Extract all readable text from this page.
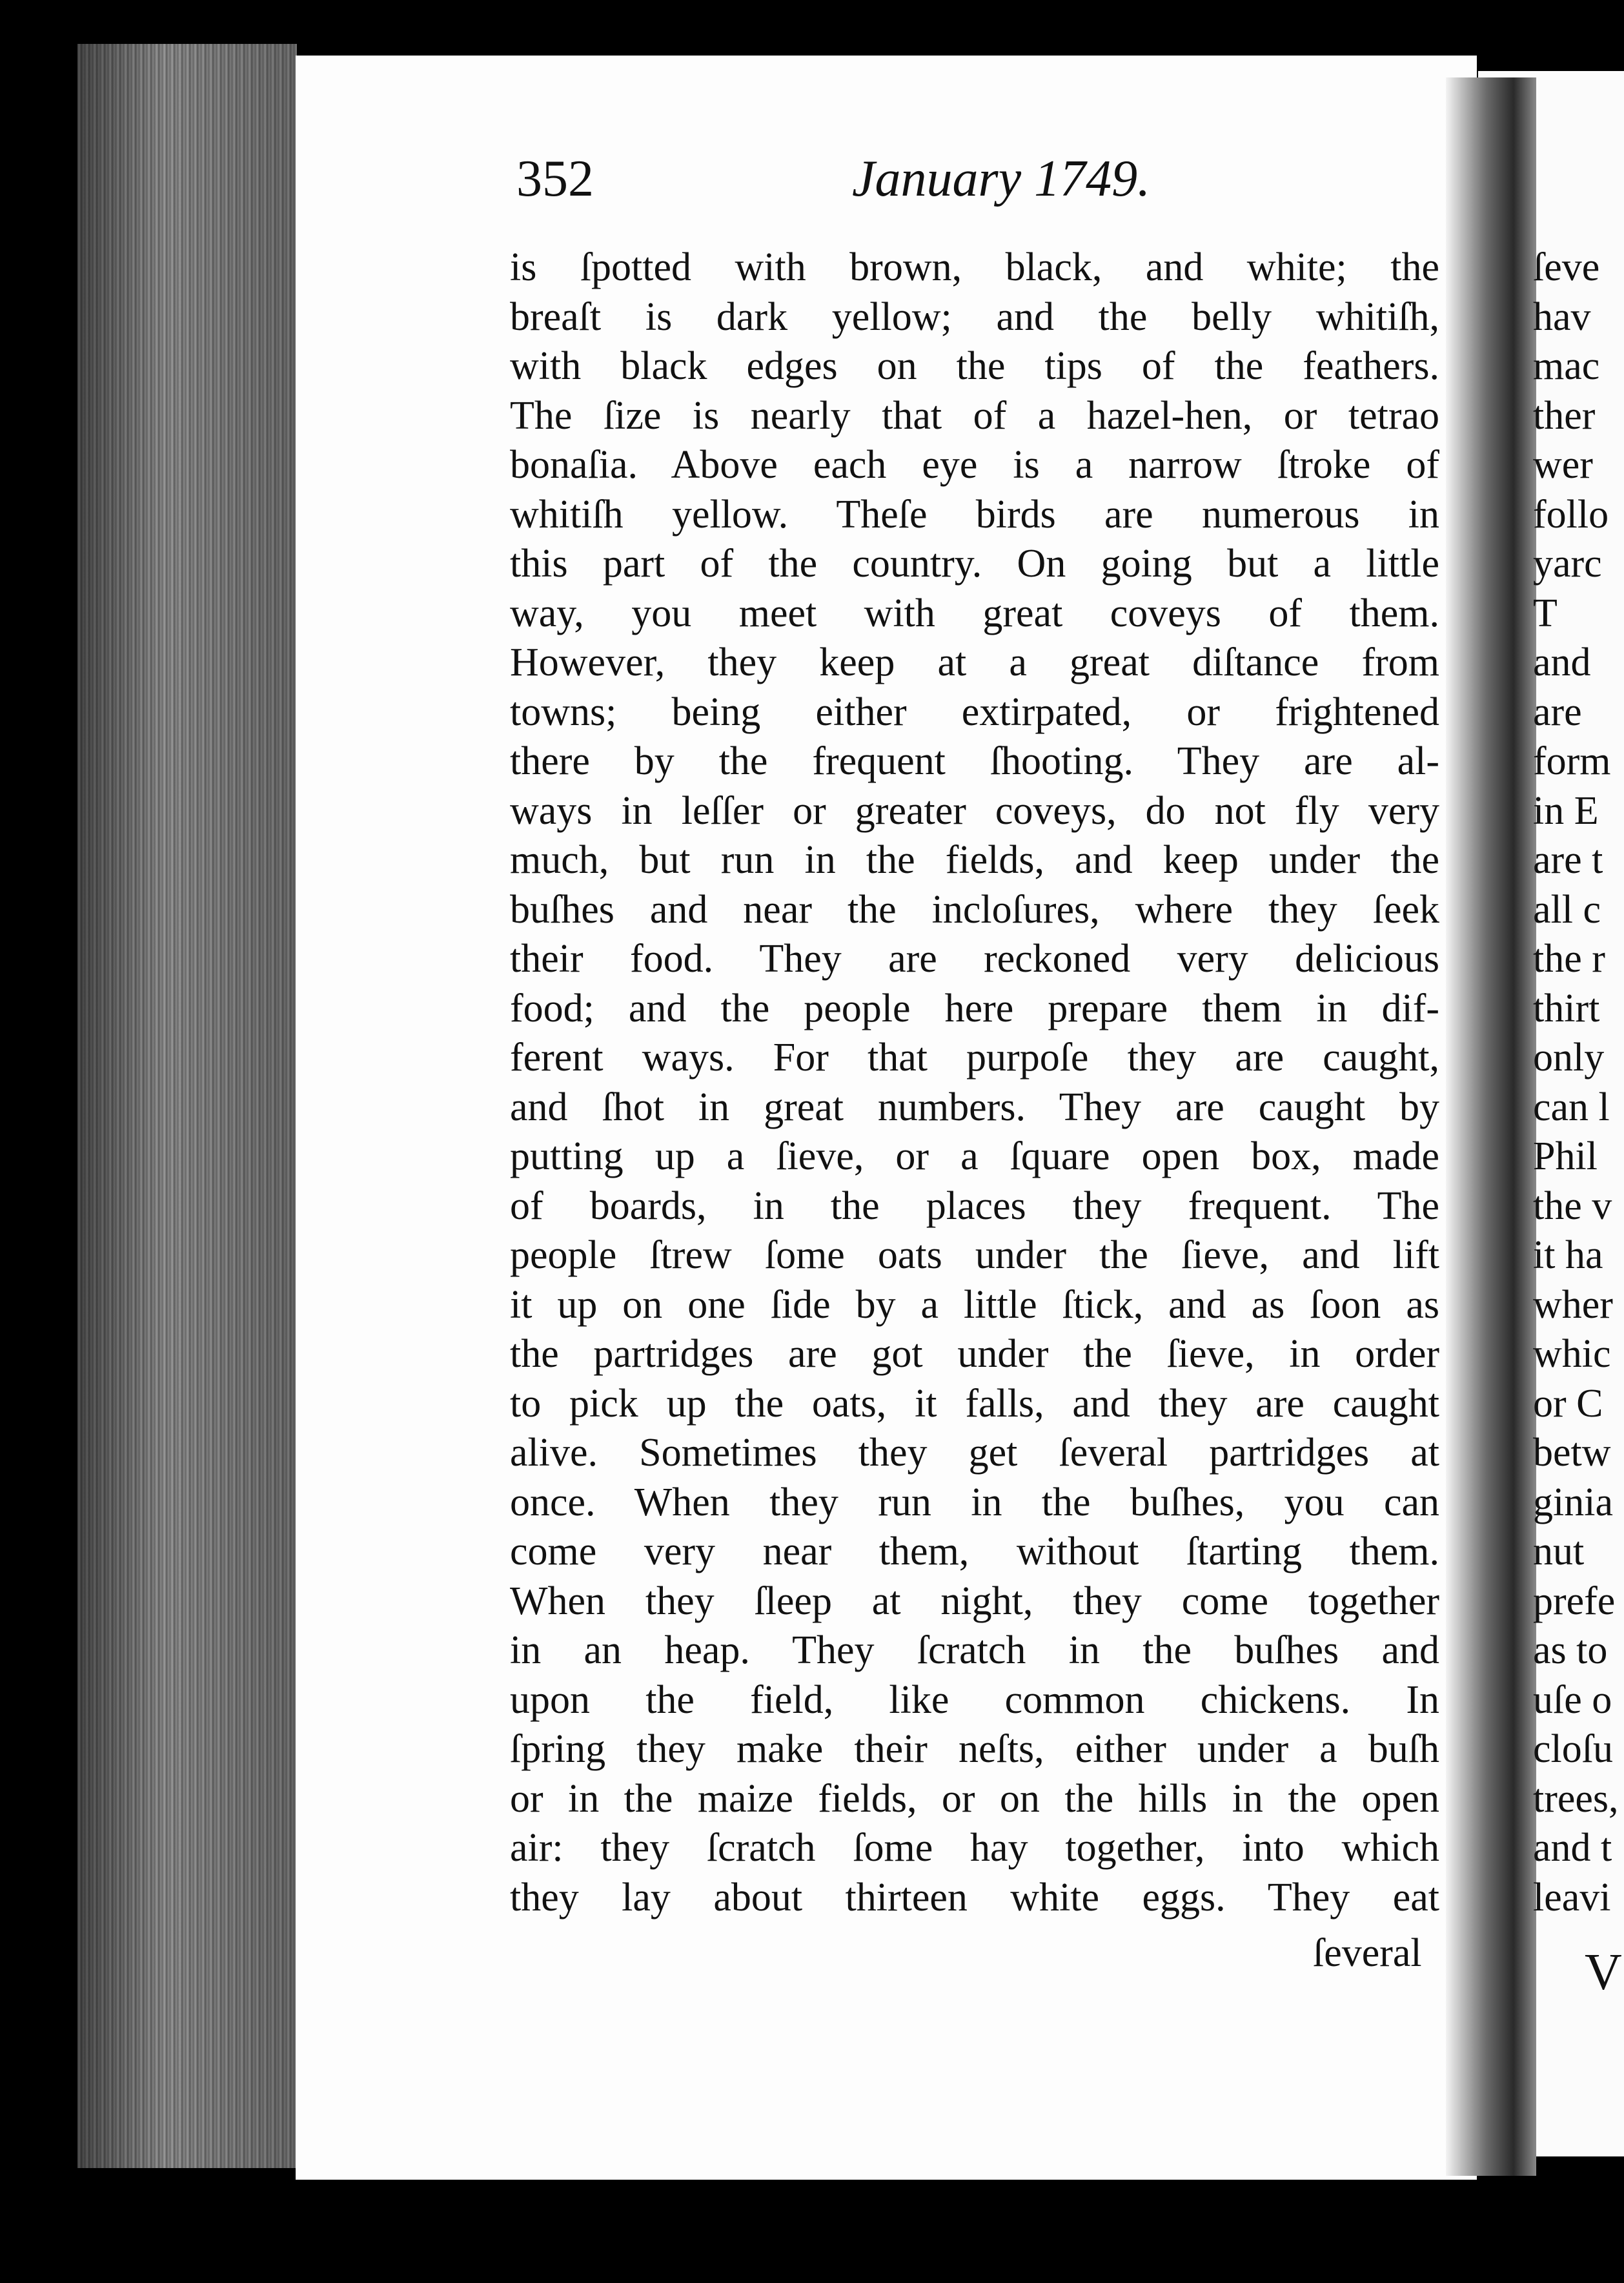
352	January 1749.
is ſpotted with brown, black, and white; the
breaſt is dark yellow; and the belly whitiſh,
with black edges on the tips of the feathers.
The ſize is nearly that of a hazel-hen, or tetrao
bonaſia. Above each eye is a narrow ſtroke of
whitiſh yellow. Theſe birds are numerous in
this part of the country. On going but a little
way, you meet with great coveys of them.
However, they keep at a great diſtance from
towns; being either extirpated, or frightened
there by the frequent ſhooting. They are al-
ways in leſſer or greater coveys, do not fly very
much, but run in the fields, and keep under the
buſhes and near the incloſures, where they ſeek
their food. They are reckoned very delicious
food; and the people here prepare them in dif-
ferent ways. For that purpoſe they are caught,
and ſhot in great numbers. They are caught by
putting up a ſieve, or a ſquare open box, made
of boards, in the places they frequent. The
people ſtrew ſome oats under the ſieve, and lift
it up on one ſide by a little ſtick, and as ſoon as
the partridges are got under the ſieve, in order
to pick up the oats, it falls, and they are caught
alive. Sometimes they get ſeveral partridges at
once. When they run in the buſhes, you can
come very near them, without ſtarting them.
When they ſleep at night, they come together
in an heap. They ſcratch in the buſhes and
upon the field, like common chickens. In
ſpring they make their neſts, either under a buſh
or in the maize fields, or on the hills in the open
air: they ſcratch ſome hay together, into which
they lay about thirteen white eggs. They eat
ſeveral
ſeve
hav
mac
ther
wer
follo
yarc
T
and
are
form
in E
are t
all c
the r
thirt
only
can l
Phil
the v
it ha
wher
whic
or C
betw
ginia
nut
prefe
as to
uſe o
cloſu
trees,
and t
leavi
V
